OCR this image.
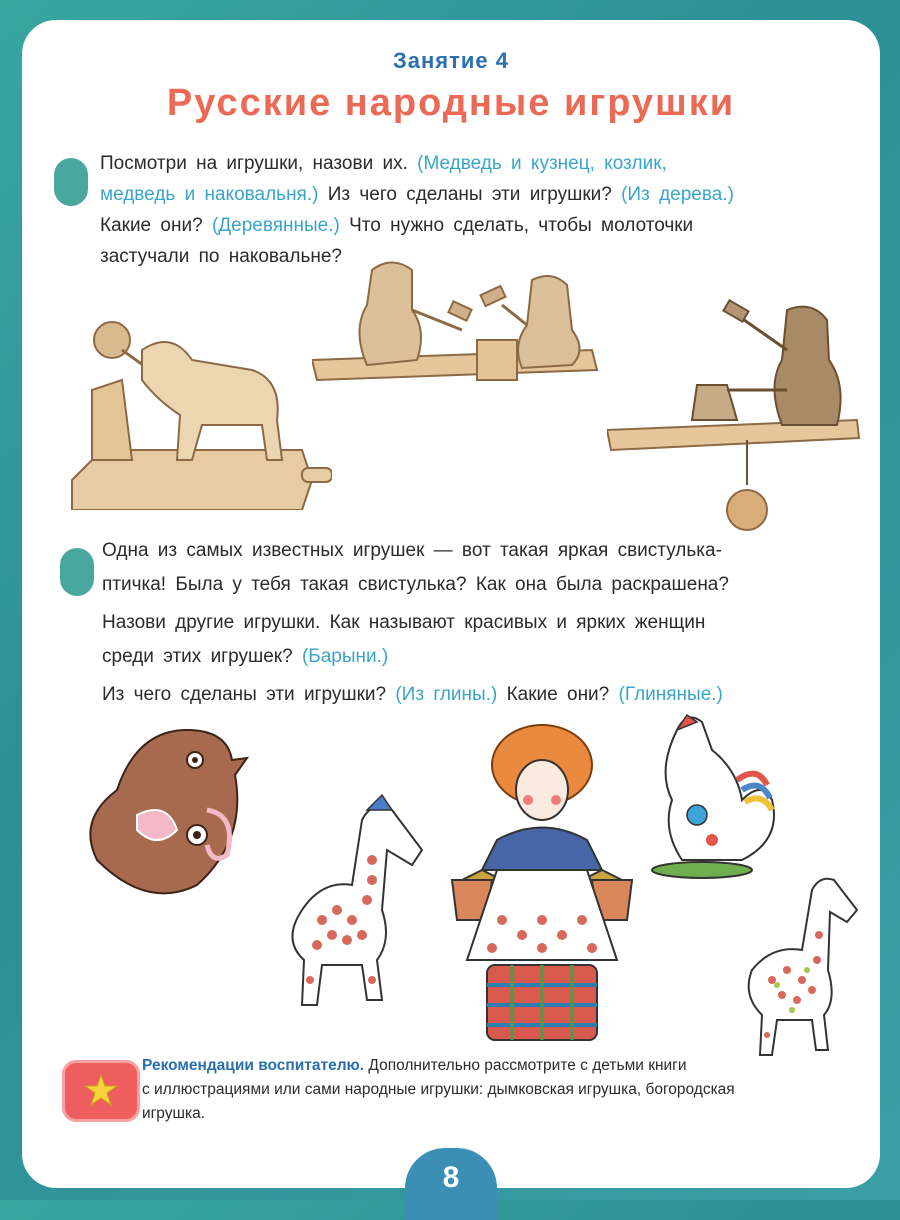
Занятие 4
Русские народные игрушки
Посмотри на игрушки, назови их. (Медведь и кузнец, козлик,
медведь и наковальня.) Из чего сделаны эти игрушки? (Из дерева.)
Какие они? (Деревянные.) Что нужно сделать, чтобы молоточки
застучали по наковальне?
Одна из самых известных игрушек — вот такая яркая свистулька-
птичка! Была у тебя такая свистулька? Как она была раскрашена?
Назови другие игрушки. Как называют красивых и ярких женщин
среди этих игрушек? (Барыни.)
Из чего сделаны эти игрушки? (Из глины.) Какие они? (Глиняные.)
Рекомендации воспитателю. Дополнительно рассмотрите с детьми книги
с иллюстрациями или сами народные игрушки: дымковская игрушка, богородская
игрушка.
8
